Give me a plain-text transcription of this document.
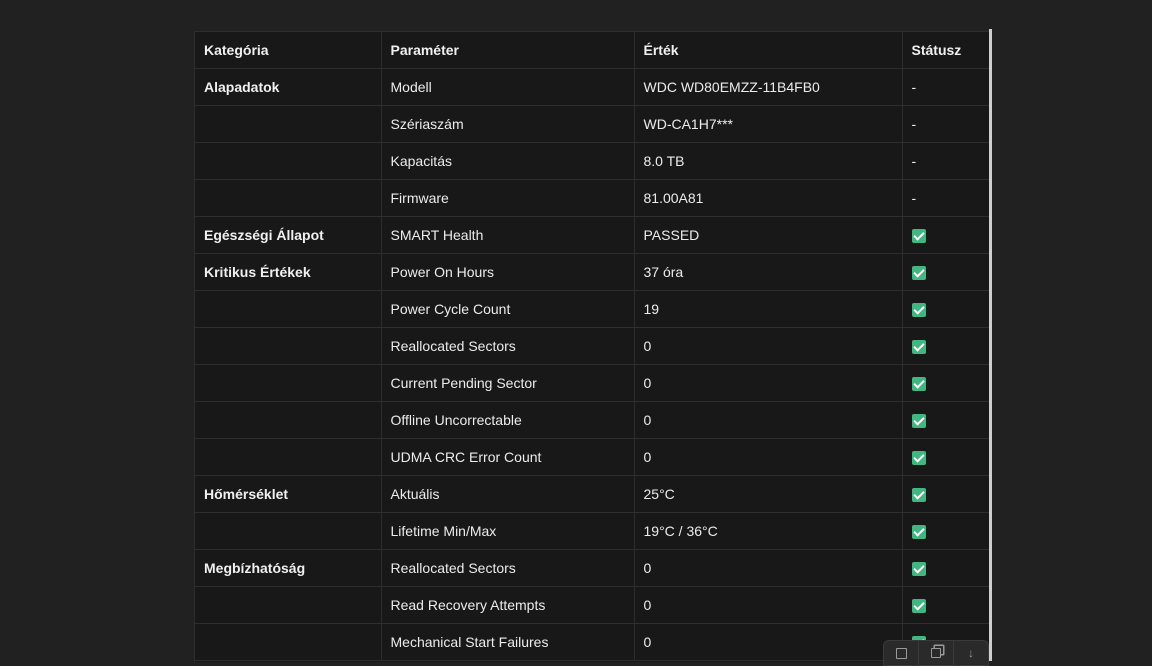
Kategória	Paraméter	Érték	Státusz
Alapadatok	Modell	WDC WD80EMZZ-11B4FB0	-
	Szériaszám	WD-CA1H7***	-
	Kapacitás	8.0 TB	-
	Firmware	81.00A81	-
Egészségi Állapot	SMART Health	PASSED	
Kritikus Értékek	Power On Hours	37 óra	
	Power Cycle Count	19	
	Reallocated Sectors	0	
	Current Pending Sector	0	
	Offline Uncorrectable	0	
	UDMA CRC Error Count	0	
Hőmérséklet	Aktuális	25°C	
	Lifetime Min/Max	19°C / 36°C	
Megbízhatóság	Reallocated Sectors	0	
	Read Recovery Attempts	0	
	Mechanical Start Failures	0	
↓
